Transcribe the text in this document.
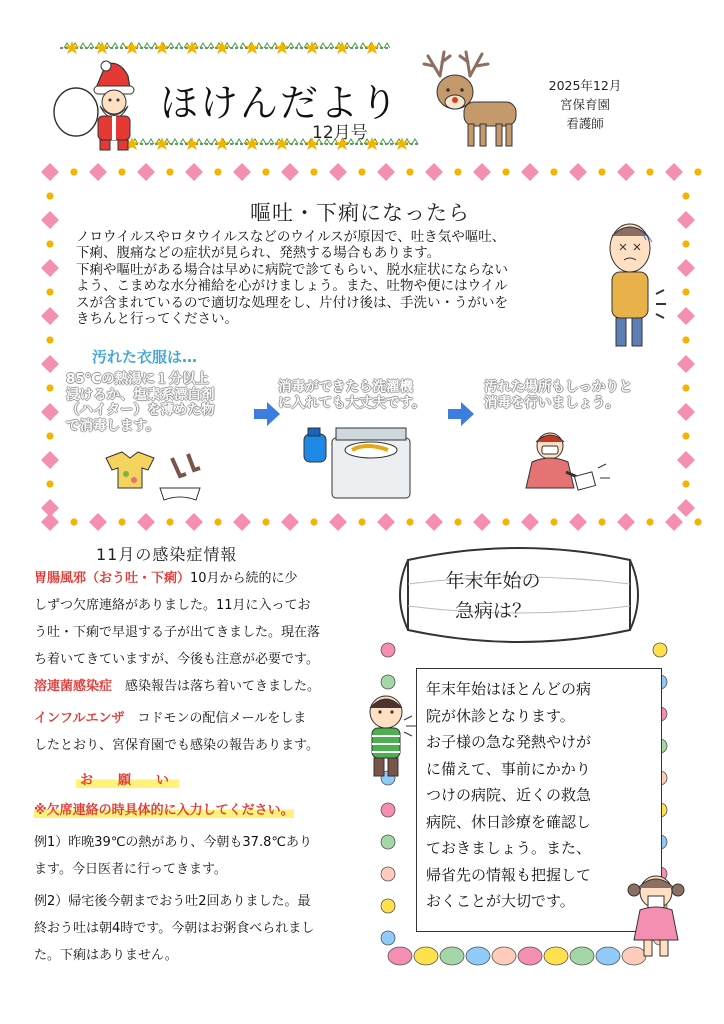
ほけんだより
12月号
2025年12月
宮保育園
看護師
嘔吐・下痢になったら
ノロウイルスやロタウイルスなどのウイルスが原因で、吐き気や嘔吐、
下痢、腹痛などの症状が見られ、発熱する場合もあります。
下痢や嘔吐がある場合は早めに病院で診てもらい、脱水症状にならない
よう、こまめな水分補給を心がけましょう。また、吐物や便にはウイル
スが含まれているので適切な処理をし、片付け後は、手洗い・うがいを
きちんと行ってください。
汚れた衣服は…
85℃の熱湯に１分以上
浸けるか、塩素系漂白剤
（ハイター）を薄めた物
で消毒します。
消毒ができたら洗濯機
に入れても大丈夫です。
汚れた場所もしっかりと
消毒を行いましょう。
11月の感染症情報
胃腸風邪（おう吐・下痢）10月から続的に少
しずつ欠席連絡がありました。11月に入ってお
う吐・下痢で早退する子が出てきました。現在落
ち着いてきていますが、今後も注意が必要です。
溶連菌感染症　感染報告は落ち着いてきました。
インフルエンザ　コドモンの配信メールをしま
したとおり、宮保育園でも感染の報告あります。
お　願　い
※欠席連絡の時具体的に入力してください。
例1）昨晩39℃の熱があり、今朝も37.8℃あり
ます。今日医者に行ってきます。
例2）帰宅後今朝までおう吐2回ありました。最
終おう吐は朝4時です。今朝はお粥食べられまし
た。下痢はありません。
年末年始の
急病は？
年末年始はほとんどの病
院が休診となります。
お子様の急な発熱やけが
に備えて、事前にかかり
つけの病院、近くの救急
病院、休日診療を確認し
ておきましょう。また、
帰省先の情報も把握して
おくことが大切です。
